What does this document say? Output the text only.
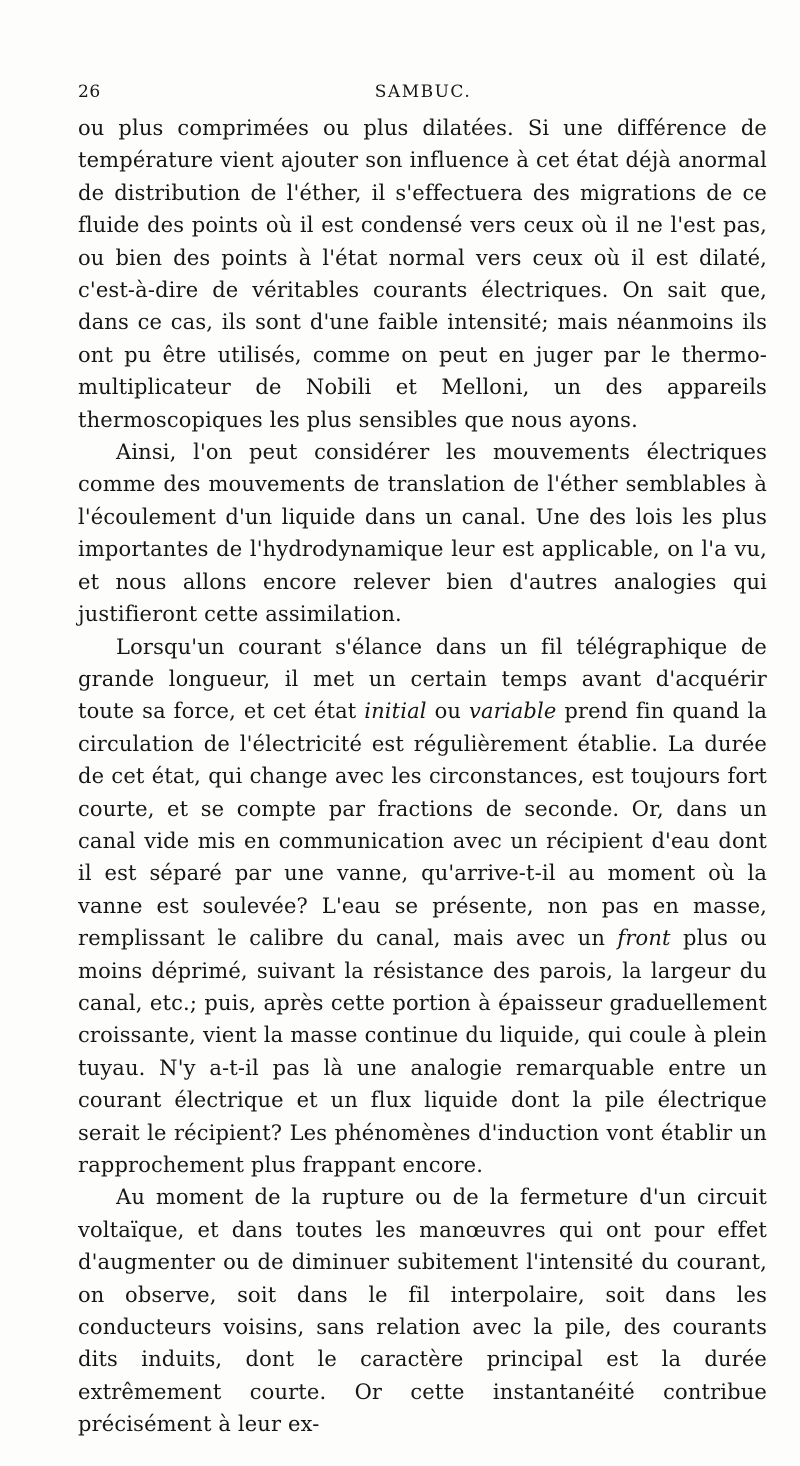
26	SAMBUC.

ou plus comprimées ou plus dilatées. Si une différence de température vient ajouter son influence à cet état déjà anormal de distribution de l'éther, il s'effectuera des migrations de ce fluide des points où il est condensé vers ceux où il ne l'est pas, ou bien des points à l'état normal vers ceux où il est dilaté, c'est-à-dire de véritables courants électriques. On sait que, dans ce cas, ils sont d'une faible intensité; mais néanmoins ils ont pu être utilisés, comme on peut en juger par le thermo-multiplicateur de Nobili et Melloni, un des appareils thermoscopiques les plus sensibles que nous ayons.

Ainsi, l'on peut considérer les mouvements électriques comme des mouvements de translation de l'éther semblables à l'écoulement d'un liquide dans un canal. Une des lois les plus importantes de l'hydrodynamique leur est applicable, on l'a vu, et nous allons encore relever bien d'autres analogies qui justifieront cette assimilation.

Lorsqu'un courant s'élance dans un fil télégraphique de grande longueur, il met un certain temps avant d'acquérir toute sa force, et cet état initial ou variable prend fin quand la circulation de l'électricité est régulièrement établie. La durée de cet état, qui change avec les circonstances, est toujours fort courte, et se compte par fractions de seconde. Or, dans un canal vide mis en communication avec un récipient d'eau dont il est séparé par une vanne, qu'arrive-t-il au moment où la vanne est soulevée? L'eau se présente, non pas en masse, remplissant le calibre du canal, mais avec un front plus ou moins déprimé, suivant la résistance des parois, la largeur du canal, etc.; puis, après cette portion à épaisseur graduellement croissante, vient la masse continue du liquide, qui coule à plein tuyau. N'y a-t-il pas là une analogie remarquable entre un courant électrique et un flux liquide dont la pile électrique serait le récipient? Les phénomènes d'induction vont établir un rapprochement plus frappant encore.

Au moment de la rupture ou de la fermeture d'un circuit voltaïque, et dans toutes les manœuvres qui ont pour effet d'augmenter ou de diminuer subitement l'intensité du courant, on observe, soit dans le fil interpolaire, soit dans les conducteurs voisins, sans relation avec la pile, des courants dits induits, dont le caractère principal est la durée extrêmement courte. Or cette instantanéité contribue précisément à leur ex-
